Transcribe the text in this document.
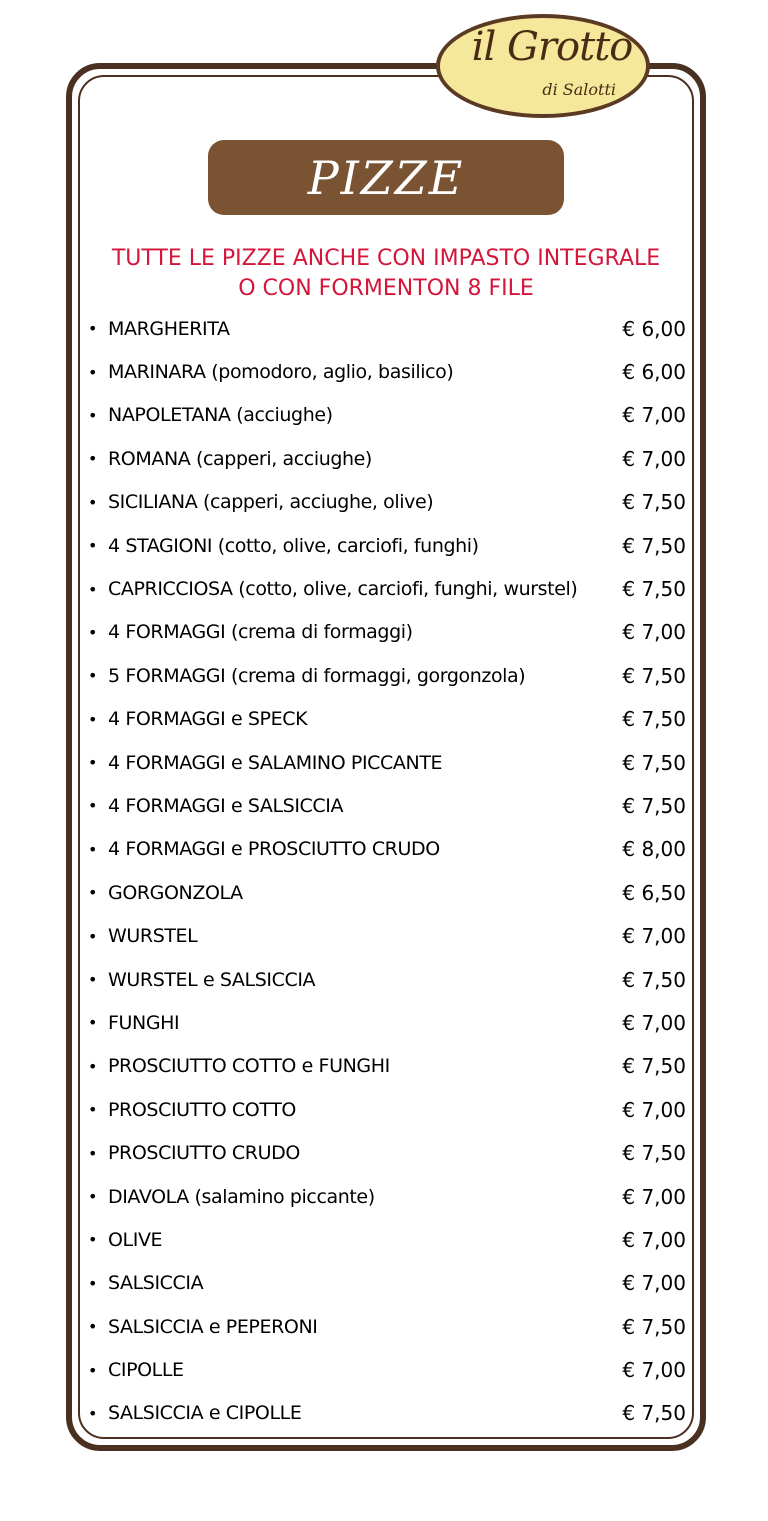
il Grotto
di Salotti
PIZZE
TUTTE LE PIZZE ANCHE CON IMPASTO INTEGRALE
O CON FORMENTON 8 FILE
• MARGHERITA	€ 6,00
• MARINARA (pomodoro, aglio, basilico)	€ 6,00
• NAPOLETANA (acciughe)	€ 7,00
• ROMANA (capperi, acciughe)	€ 7,00
• SICILIANA (capperi, acciughe, olive)	€ 7,50
• 4 STAGIONI (cotto, olive, carciofi, funghi)	€ 7,50
• CAPRICCIOSA (cotto, olive, carciofi, funghi, wurstel) € 7,50
• 4 FORMAGGI (crema di formaggi)	€ 7,00
• 5 FORMAGGI (crema di formaggi, gorgonzola)	€ 7,50
• 4 FORMAGGI e SPECK	€ 7,50
• 4 FORMAGGI e SALAMINO PICCANTE	€ 7,50
• 4 FORMAGGI e SALSICCIA	€ 7,50
• 4 FORMAGGI e PROSCIUTTO CRUDO	€ 8,00
• GORGONZOLA	€ 6,50
• WURSTEL	€ 7,00
• WURSTEL e SALSICCIA	€ 7,50
• FUNGHI	€ 7,00
• PROSCIUTTO COTTO e FUNGHI	€ 7,50
• PROSCIUTTO COTTO	€ 7,00
• PROSCIUTTO CRUDO	€ 7,50
• DIAVOLA (salamino piccante)	€ 7,00
• OLIVE	€ 7,00
• SALSICCIA	€ 7,00
• SALSICCIA e PEPERONI	€ 7,50
• CIPOLLE	€ 7,00
• SALSICCIA e CIPOLLE	€ 7,50
